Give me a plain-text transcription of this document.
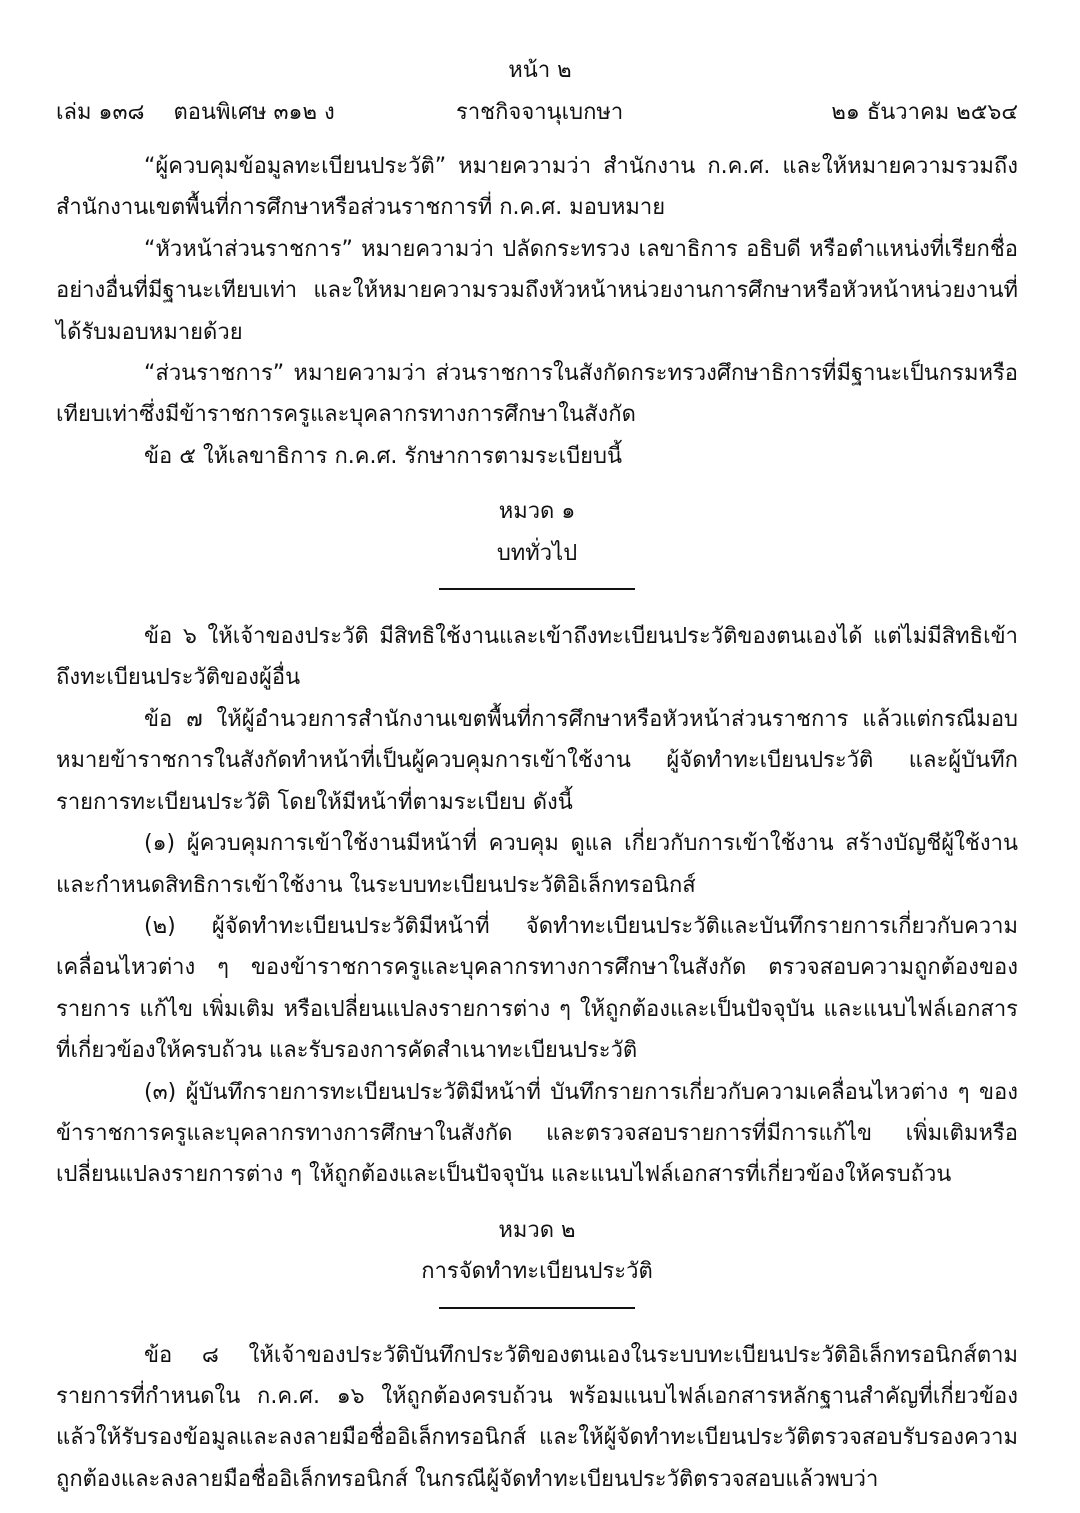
หน้า ๒
เล่ม ๑๓๘ ตอนพิเศษ ๓๑๒ ง	ราชกิจจานุเบกษา	๒๑ ธันวาคม ๒๕๖๔

“ผู้ควบคุมข้อมูลทะเบียนประวัติ” หมายความว่า สำนักงาน ก.ค.ศ. และให้หมายความรวมถึงสำนักงานเขตพื้นที่การศึกษาหรือส่วนราชการที่ ก.ค.ศ. มอบหมาย

“หัวหน้าส่วนราชการ” หมายความว่า ปลัดกระทรวง เลขาธิการ อธิบดี หรือตำแหน่งที่เรียกชื่ออย่างอื่นที่มีฐานะเทียบเท่า และให้หมายความรวมถึงหัวหน้าหน่วยงานการศึกษาหรือหัวหน้าหน่วยงานที่ได้รับมอบหมายด้วย

“ส่วนราชการ” หมายความว่า ส่วนราชการในสังกัดกระทรวงศึกษาธิการที่มีฐานะเป็นกรมหรือเทียบเท่าซึ่งมีข้าราชการครูและบุคลากรทางการศึกษาในสังกัด

ข้อ ๕ ให้เลขาธิการ ก.ค.ศ. รักษาการตามระเบียบนี้

หมวด ๑

บททั่วไป

ข้อ ๖ ให้เจ้าของประวัติ มีสิทธิใช้งานและเข้าถึงทะเบียนประวัติของตนเองได้ แต่ไม่มีสิทธิเข้าถึงทะเบียนประวัติของผู้อื่น

ข้อ ๗ ให้ผู้อำนวยการสำนักงานเขตพื้นที่การศึกษาหรือหัวหน้าส่วนราชการ แล้วแต่กรณีมอบหมายข้าราชการในสังกัดทำหน้าที่เป็นผู้ควบคุมการเข้าใช้งาน ผู้จัดทำทะเบียนประวัติ และผู้บันทึกรายการทะเบียนประวัติ โดยให้มีหน้าที่ตามระเบียบ ดังนี้

(๑) ผู้ควบคุมการเข้าใช้งานมีหน้าที่ ควบคุม ดูแล เกี่ยวกับการเข้าใช้งาน สร้างบัญชีผู้ใช้งานและกำหนดสิทธิการเข้าใช้งาน ในระบบทะเบียนประวัติอิเล็กทรอนิกส์

(๒) ผู้จัดทำทะเบียนประวัติมีหน้าที่ จัดทำทะเบียนประวัติและบันทึกรายการเกี่ยวกับความเคลื่อนไหวต่าง ๆ ของข้าราชการครูและบุคลากรทางการศึกษาในสังกัด ตรวจสอบความถูกต้องของรายการ แก้ไข เพิ่มเติม หรือเปลี่ยนแปลงรายการต่าง ๆ ให้ถูกต้องและเป็นปัจจุบัน และแนบไฟล์เอกสารที่เกี่ยวข้องให้ครบถ้วน และรับรองการคัดสำเนาทะเบียนประวัติ

(๓) ผู้บันทึกรายการทะเบียนประวัติมีหน้าที่ บันทึกรายการเกี่ยวกับความเคลื่อนไหวต่าง ๆ ของข้าราชการครูและบุคลากรทางการศึกษาในสังกัด และตรวจสอบรายการที่มีการแก้ไข เพิ่มเติมหรือเปลี่ยนแปลงรายการต่าง ๆ ให้ถูกต้องและเป็นปัจจุบัน และแนบไฟล์เอกสารที่เกี่ยวข้องให้ครบถ้วน

หมวด ๒

การจัดทำทะเบียนประวัติ

ข้อ ๘ ให้เจ้าของประวัติบันทึกประวัติของตนเองในระบบทะเบียนประวัติอิเล็กทรอนิกส์ตามรายการที่กำหนดใน ก.ค.ศ. ๑๖ ให้ถูกต้องครบถ้วน พร้อมแนบไฟล์เอกสารหลักฐานสำคัญที่เกี่ยวข้อง แล้วให้รับรองข้อมูลและลงลายมือชื่ออิเล็กทรอนิกส์ และให้ผู้จัดทำทะเบียนประวัติตรวจสอบรับรองความถูกต้องและลงลายมือชื่ออิเล็กทรอนิกส์ ในกรณีผู้จัดทำทะเบียนประวัติตรวจสอบแล้วพบว่า
